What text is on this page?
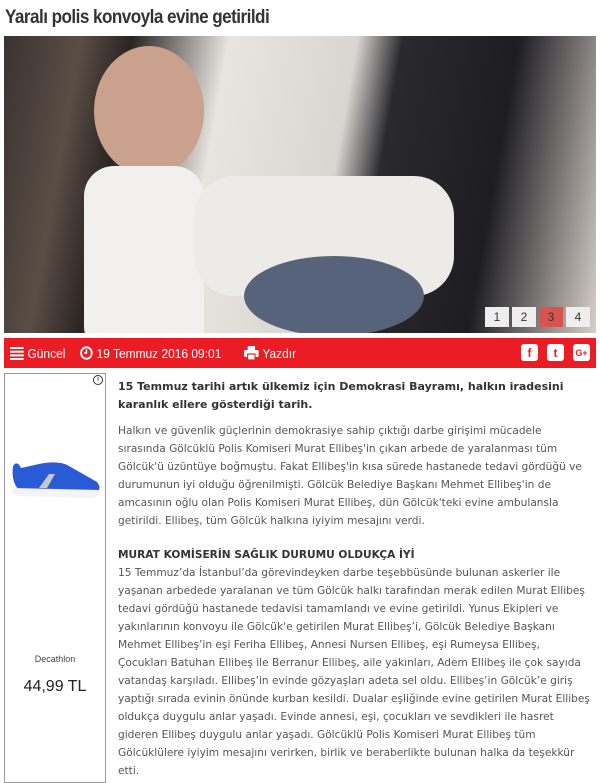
Yaralı polis konvoyla evine getirildi
1	2	3	4
Güncel 19 Temmuz 2016 09:01	Yazdır	f	t	G+
i
Decathlon
44,99 TL

15 Temmuz tarihi artık ülkemiz için Demokrasi Bayramı, halkın iradesini karanlık ellere gösterdiği tarih.

Halkın ve güvenlik güçlerinin demokrasiye sahip çıktığı darbe girişimi mücadele sırasında Gölcüklü Polis Komiseri Murat Ellibeş'in çıkan arbede de yaralanması tüm Gölcük'ü üzüntüye boğmuştu. Fakat Ellibeş'in kısa sürede hastanede tedavi gördüğü ve durumunun iyi olduğu öğrenilmişti. Gölcük Belediye Başkanı Mehmet Ellibeş'in de amcasının oğlu olan Polis Komiseri Murat Ellibeş, dün Gölcük'teki evine ambulansla getirildi. Ellibeş, tüm Gölcük halkına iyiyim mesajını verdi.

MURAT KOMİSERİN SAĞLIK DURUMU OLDUKÇA İYİ

15 Temmuz’da İstanbul’da görevindeyken darbe teşebbüsünde bulunan askerler ile yaşanan arbedede yaralanan ve tüm Gölcük halkı tarafından merak edilen Murat Ellibeş tedavi gördüğü hastanede tedavisi tamamlandı ve evine getirildi. Yunus Ekipleri ve yakınlarının konvoyu ile Gölcük'e getirilen Murat Ellibeş’i, Gölcük Belediye Başkanı Mehmet Ellibeş’in eşi Feriha Ellibeş, Annesi Nursen Ellibeş, eşi Rumeysa Ellibeş, Çocukları Batuhan Ellibeş ile Berranur Ellibeş, aile yakınları, Adem Ellibeş ile çok sayıda vatandaş karşıladı. Ellibeş’in evinde gözyaşları adeta sel oldu. Ellibeş’in Gölcük’e giriş yaptığı sırada evinin önünde kurban kesildi. Dualar eşliğinde evine getirilen Murat Ellibeş oldukça duygulu anlar yaşadı. Evinde annesi, eşi, çocukları ve sevdikleri ile hasret gideren Ellibeş duygulu anlar yaşadı. Gölcüklü Polis Komiseri Murat Ellibeş tüm Gölcüklülere iyiyim mesajını verirken, birlik ve beraberlikte bulunan halka da teşekkür etti.
